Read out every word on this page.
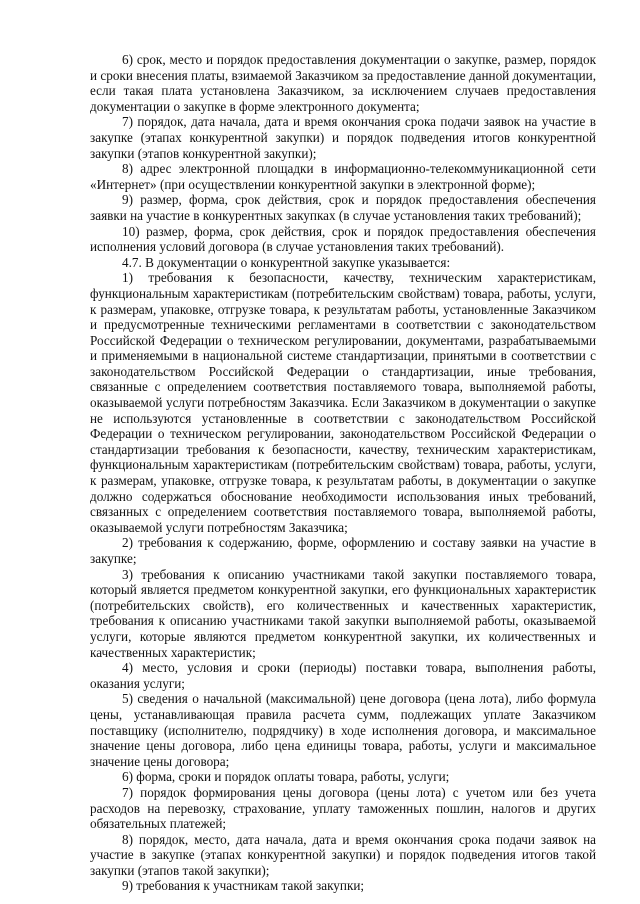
6) срок, место и порядок предоставления документации о закупке, размер, порядок и сроки внесения платы, взимаемой Заказчиком за предоставление данной документации, если такая плата установлена Заказчиком, за исключением случаев предоставления документации о закупке в форме электронного документа;

7) порядок, дата начала, дата и время окончания срока подачи заявок на участие в закупке (этапах конкурентной закупки) и порядок подведения итогов конкурентной закупки (этапов конкурентной закупки);

8) адрес электронной площадки в информационно-телекоммуникационной сети «Интернет» (при осуществлении конкурентной закупки в электронной форме);

9) размер, форма, срок действия, срок и порядок предоставления обеспечения заявки на участие в конкурентных закупках (в случае установления таких требований);

10) размер, форма, срок действия, срок и порядок предоставления обеспечения исполнения условий договора (в случае установления таких требований).

4.7. В документации о конкурентной закупке указывается:

1) требования к безопасности, качеству, техническим характеристикам, функциональным характеристикам (потребительским свойствам) товара, работы, услуги, к размерам, упаковке, отгрузке товара, к результатам работы, установленные Заказчиком и предусмотренные техническими регламентами в соответствии с законодательством Российской Федерации о техническом регулировании, документами, разрабатываемыми и применяемыми в национальной системе стандартизации, принятыми в соответствии с законодательством Российской Федерации о стандартизации, иные требования, связанные с определением соответствия поставляемого товара, выполняемой работы, оказываемой услуги потребностям Заказчика. Если Заказчиком в документации о закупке не используются установленные в соответствии с законодательством Российской Федерации о техническом регулировании, законодательством Российской Федерации о стандартизации требования к безопасности, качеству, техническим характеристикам, функциональным характеристикам (потребительским свойствам) товара, работы, услуги, к размерам, упаковке, отгрузке товара, к результатам работы, в документации о закупке должно содержаться обоснование необходимости использования иных требований, связанных с определением соответствия поставляемого товара, выполняемой работы, оказываемой услуги потребностям Заказчика;

2) требования к содержанию, форме, оформлению и составу заявки на участие в закупке;

3) требования к описанию участниками такой закупки поставляемого товара, который является предметом конкурентной закупки, его функциональных характеристик (потребительских свойств), его количественных и качественных характеристик, требования к описанию участниками такой закупки выполняемой работы, оказываемой услуги, которые являются предметом конкурентной закупки, их количественных и качественных характеристик;

4) место, условия и сроки (периоды) поставки товара, выполнения работы, оказания услуги;

5) сведения о начальной (максимальной) цене договора (цена лота), либо формула цены, устанавливающая правила расчета сумм, подлежащих уплате Заказчиком поставщику (исполнителю, подрядчику) в ходе исполнения договора, и максимальное значение цены договора, либо цена единицы товара, работы, услуги и максимальное значение цены договора;

6) форма, сроки и порядок оплаты товара, работы, услуги;

7) порядок формирования цены договора (цены лота) с учетом или без учета расходов на перевозку, страхование, уплату таможенных пошлин, налогов и других обязательных платежей;

8) порядок, место, дата начала, дата и время окончания срока подачи заявок на участие в закупке (этапах конкурентной закупки) и порядок подведения итогов такой закупки (этапов такой закупки);

9) требования к участникам такой закупки;
